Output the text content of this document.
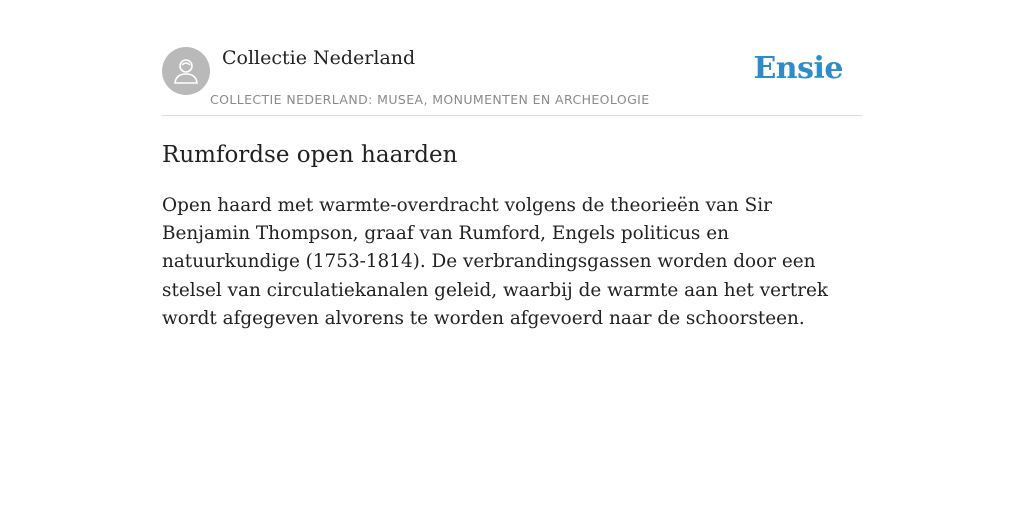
Collectie Nederland
COLLECTIE NEDERLAND: MUSEA, MONUMENTEN EN ARCHEOLOGIE
Ensie
Rumfordse open haarden

Open haard met warmte-overdracht volgens de theorieën van Sir Benjamin Thompson, graaf van Rumford, Engels politicus en natuurkundige (1753-1814). De verbrandingsgassen worden door een stelsel van circulatiekanalen geleid, waarbij de warmte aan het vertrek wordt afgegeven alvorens te worden afgevoerd naar de schoorsteen.
